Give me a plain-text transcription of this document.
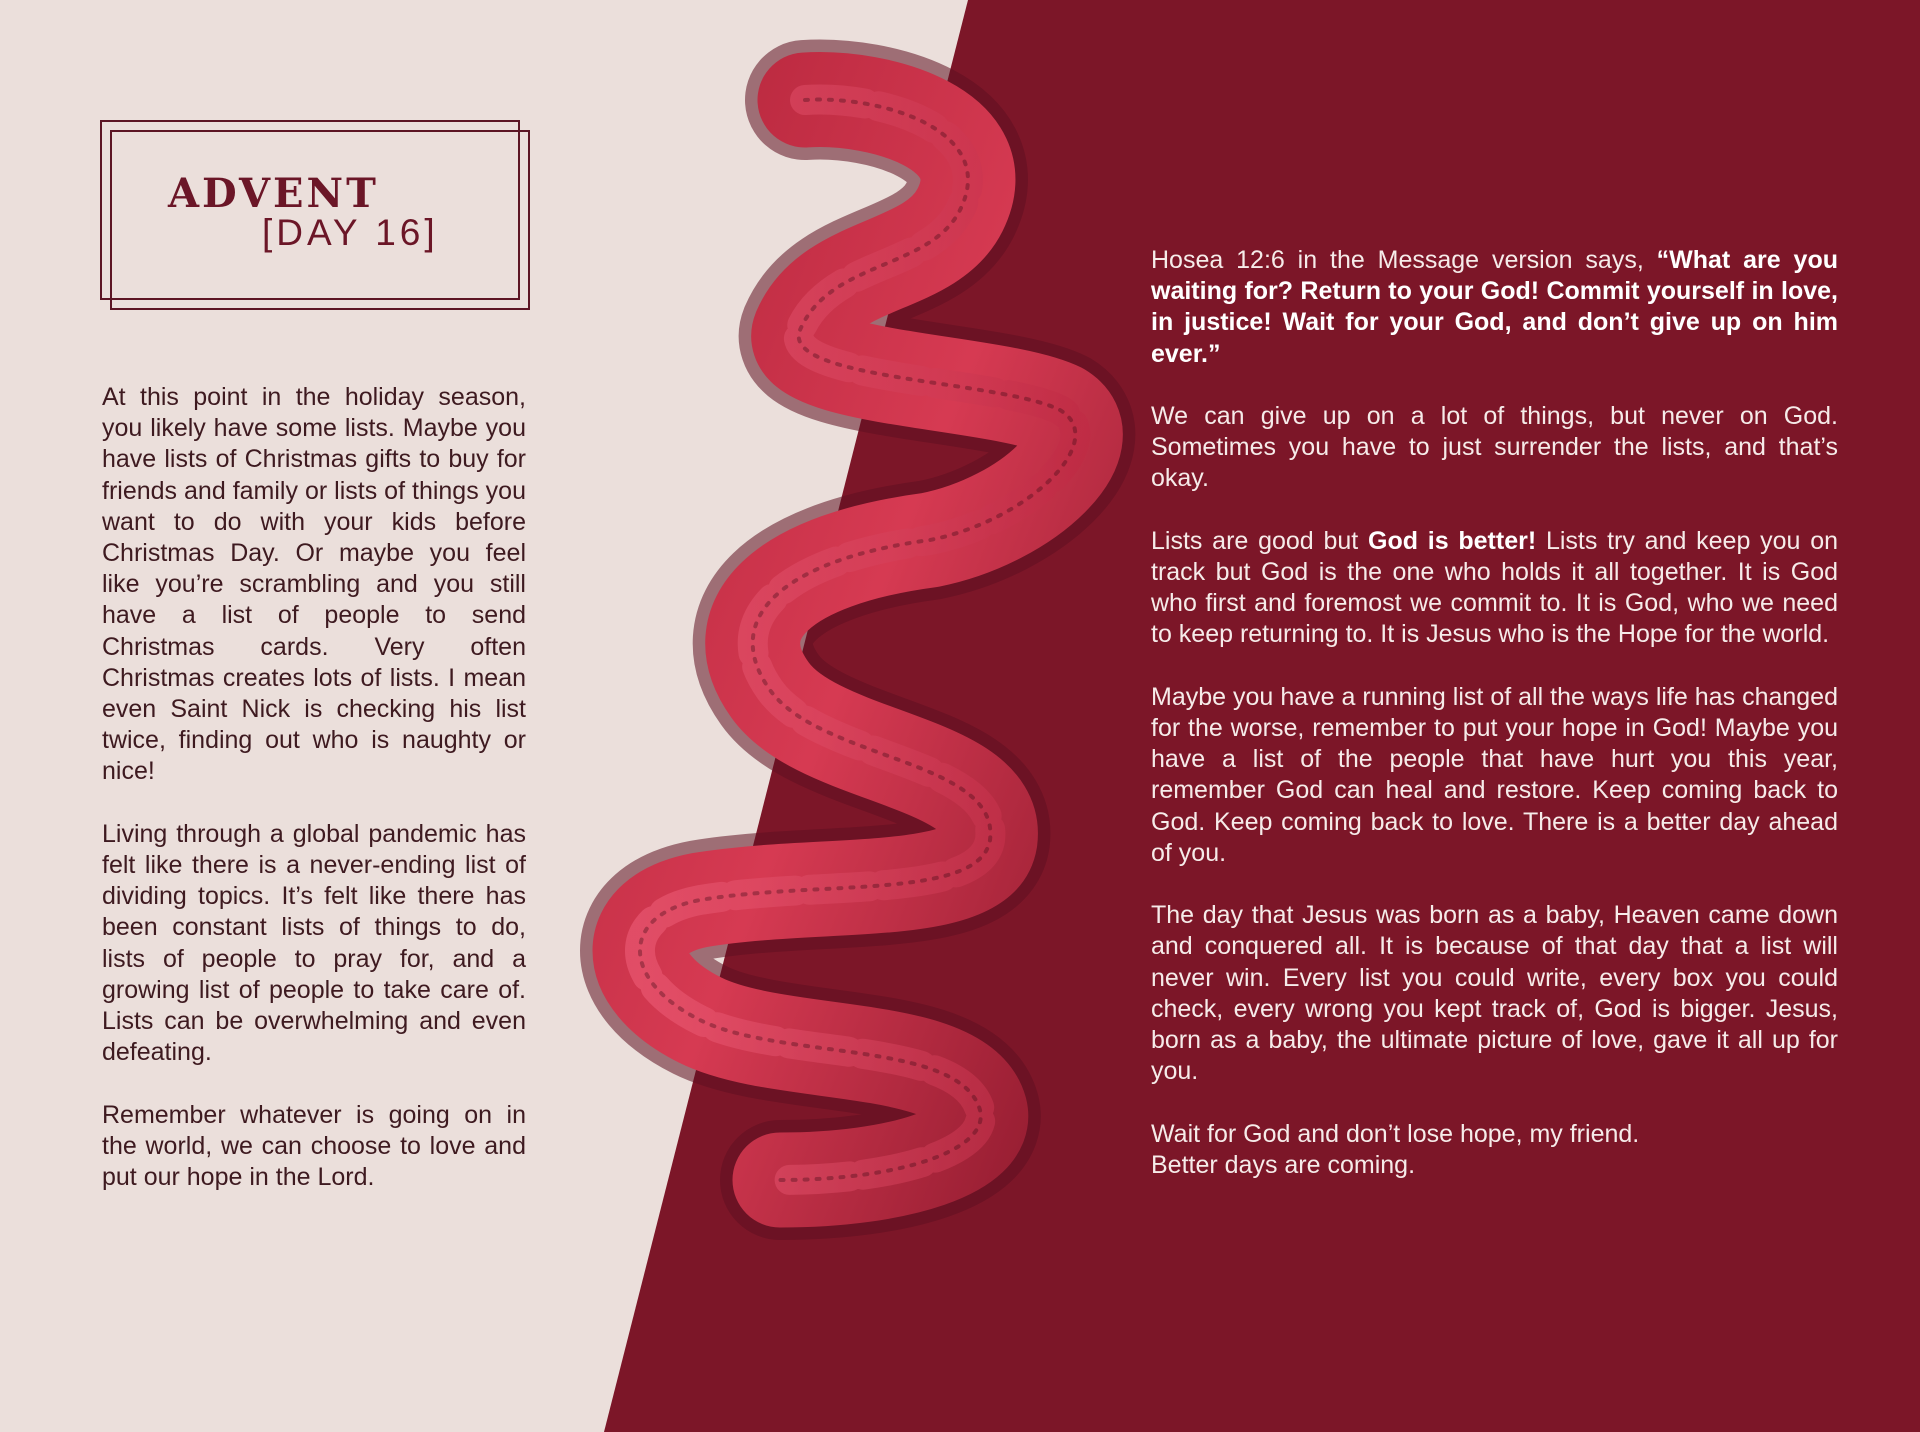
ADVENT
[DAY 16]

At this point in the holiday season, you likely have some lists. Maybe you have lists of Christmas gifts to buy for friends and family or lists of things you want to do with your kids before Christmas Day. Or maybe you feel like you’re scrambling and you still have a list of people to send Christmas cards. Very often Christmas creates lots of lists. I mean even Saint Nick is checking his list twice, finding out who is naughty or nice!

Living through a global pandemic has felt like there is a never-ending list of dividing topics. It’s felt like there has been constant lists of things to do, lists of people to pray for, and a growing list of people to take care of. Lists can be overwhelming and even defeating.

Remember whatever is going on in the world, we can choose to love and put our hope in the Lord.

Hosea 12:6 in the Message version says, “What are you waiting for? Return to your God! Commit yourself in love, in justice! Wait for your God, and don’t give up on him ever.”

We can give up on a lot of things, but never on God. Sometimes you have to just surrender the lists, and that’s okay.

Lists are good but God is better! Lists try and keep you on track but God is the one who holds it all together. It is God who first and foremost we commit to. It is God, who we need to keep returning to. It is Jesus who is the Hope for the world.

Maybe you have a running list of all the ways life has changed for the worse, remember to put your hope in God! Maybe you have a list of the people that have hurt you this year, remember God can heal and restore. Keep coming back to God. Keep coming back to love. There is a better day ahead of you.

The day that Jesus was born as a baby, Heaven came down and conquered all. It is because of that day that a list will never win. Every list you could write, every box you could check, every wrong you kept track of, God is bigger. Jesus, born as a baby, the ultimate picture of love, gave it all up for you.

Wait for God and don’t lose hope, my friend.
Better days are coming.
